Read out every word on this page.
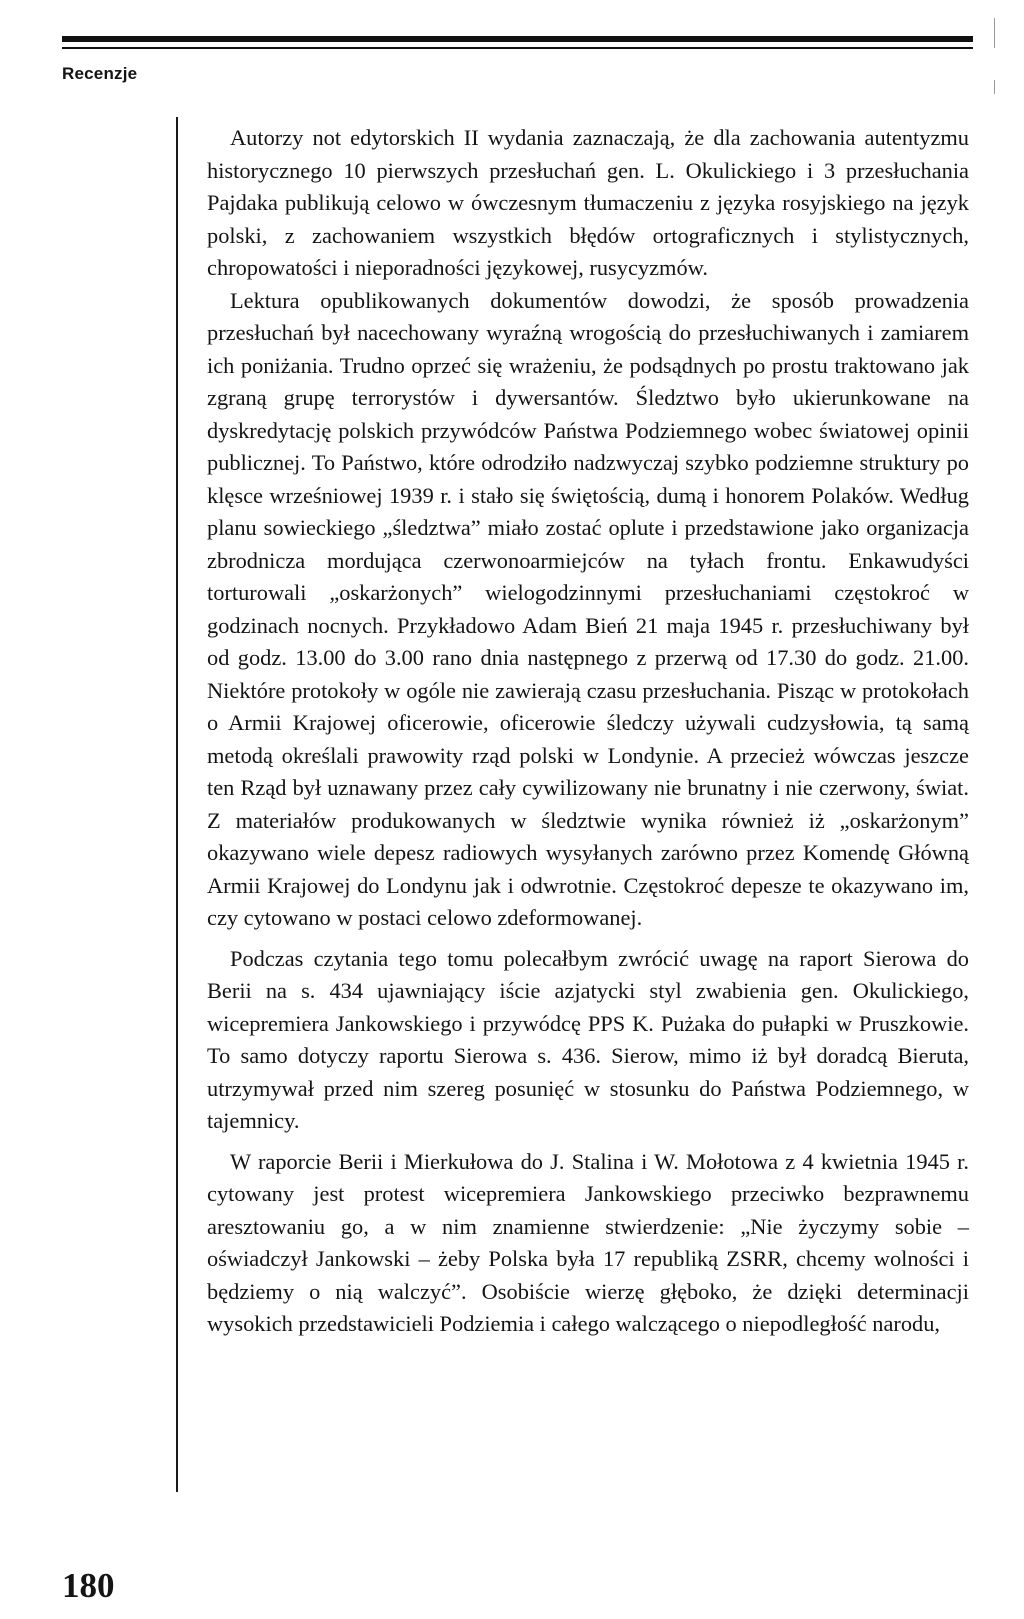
Recenzje

Autorzy not edytorskich II wydania zaznaczają, że dla zachowania autentyzmu historycznego 10 pierwszych przesłuchań gen. L. Okulickiego i 3 przesłuchania Pajdaka publikują celowo w ówczesnym tłumaczeniu z języka rosyjskiego na język polski, z zachowaniem wszystkich błędów ortograficznych i stylistycznych, chropowatości i nieporadności językowej, rusycyzmów.

Lektura opublikowanych dokumentów dowodzi, że sposób prowadzenia przesłuchań był nacechowany wyraźną wrogością do przesłuchiwanych i zamiarem ich poniżania. Trudno oprzeć się wrażeniu, że podsądnych po prostu traktowano jak zgraną grupę terrorystów i dywersantów. Śledztwo było ukierunkowane na dyskredytację polskich przywódców Państwa Podziemnego wobec światowej opinii publicznej. To Państwo, które odrodziło nadzwyczaj szybko podziemne struktury po klęsce wrześniowej 1939 r. i stało się świętością, dumą i honorem Polaków. Według planu sowieckiego „śledztwa” miało zostać oplute i przedstawione jako organizacja zbrodnicza mordująca czerwonoarmiejców na tyłach frontu. Enkawudyści torturowali „oskarżonych” wielogodzinnymi przesłuchaniami częstokroć w godzinach nocnych. Przykładowo Adam Bień 21 maja 1945 r. przesłuchiwany był od godz. 13.00 do 3.00 rano dnia następnego z przerwą od 17.30 do godz. 21.00. Niektóre protokoły w ogóle nie zawierają czasu przesłuchania. Pisząc w protokołach o Armii Krajowej oficerowie, oficerowie śledczy używali cudzysłowia, tą samą metodą określali prawowity rząd polski w Londynie. A przecież wówczas jeszcze ten Rząd był uznawany przez cały cywilizowany nie brunatny i nie czerwony, świat. Z materiałów produkowanych w śledztwie wynika również iż „oskarżonym” okazywano wiele depesz radiowych wysyłanych zarówno przez Komendę Główną Armii Krajowej do Londynu jak i odwrotnie. Częstokroć depesze te okazywano im, czy cytowano w postaci celowo zdeformowanej.

Podczas czytania tego tomu polecałbym zwrócić uwagę na raport Sierowa do Berii na s. 434 ujawniający iście azjatycki styl zwabienia gen. Okulickiego, wicepremiera Jankowskiego i przywódcę PPS K. Pużaka do pułapki w Pruszkowie. To samo dotyczy raportu Sierowa s. 436. Sierow, mimo iż był doradcą Bieruta, utrzymywał przed nim szereg posunięć w stosunku do Państwa Podziemnego, w tajemnicy.

W raporcie Berii i Mierkułowa do J. Stalina i W. Mołotowa z 4 kwietnia 1945 r. cytowany jest protest wicepremiera Jankowskiego przeciwko bezprawnemu aresztowaniu go, a w nim znamienne stwierdzenie: „Nie życzymy sobie – oświadczył Jankowski – żeby Polska była 17 republiką ZSRR, chcemy wolności i będziemy o nią walczyć”. Osobiście wierzę głęboko, że dzięki determinacji wysokich przedstawicieli Podziemia i całego walczącego o niepodległość narodu,

180
